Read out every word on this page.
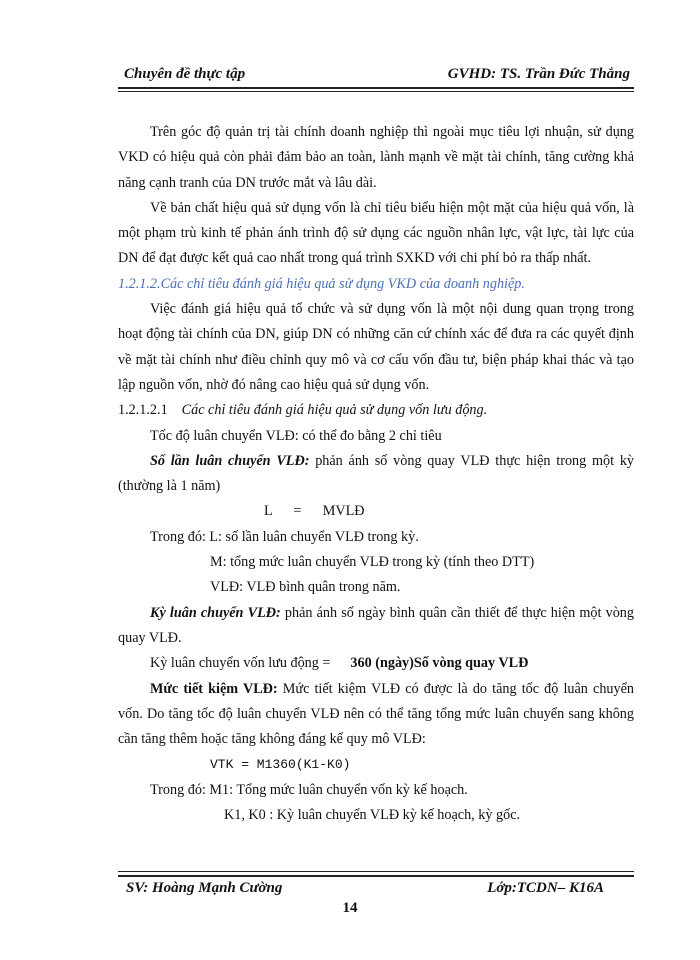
Chuyên đề thực tập	GVHD: TS. Trần Đức Thắng

Trên góc độ quản trị tài chính doanh nghiệp thì ngoài mục tiêu lợi nhuận, sử dụng VKD có hiệu quả còn phải đảm bảo an toàn, lành mạnh về mặt tài chính, tăng cường khả năng cạnh tranh của DN trước mắt và lâu dài.

Về bản chất hiệu quả sử dụng vốn là chỉ tiêu biểu hiện một mặt của hiệu quả vốn, là một phạm trù kinh tế phản ánh trình độ sử dụng các nguồn nhân lực, vật lực, tài lực của DN để đạt được kết quả cao nhất trong quá trình SXKD với chi phí bỏ ra thấp nhất.

1.2.1.2.Các chỉ tiêu đánh giá hiệu quả sử dụng VKD của doanh nghiệp.

Việc đánh giá hiệu quả tổ chức và sử dụng vốn là một nội dung quan trọng trong hoạt động tài chính của DN, giúp DN có những căn cứ chính xác để đưa ra các quyết định về mặt tài chính như điều chỉnh quy mô và cơ cấu vốn đầu tư, biện pháp khai thác và tạo lập nguồn vốn, nhờ đó nâng cao hiệu quả sử dụng vốn.

1.2.1.2.1 Các chỉ tiêu đánh giá hiệu quả sử dụng vốn lưu động.

Tốc độ luân chuyển VLĐ: có thể đo bằng 2 chỉ tiêu

Số lần luân chuyển VLĐ: phản ánh số vòng quay VLĐ thực hiện trong một kỳ (thường là 1 năm)

L      =      MVLĐ

Trong đó: L: số lần luân chuyển VLĐ trong kỳ.

M: tổng mức luân chuyển VLĐ trong kỳ (tính theo DTT)

VLĐ: VLĐ bình quân trong năm.

Kỳ luân chuyển VLĐ: phản ánh số ngày bình quân cần thiết để thực hiện một vòng quay VLĐ.

Kỳ luân chuyển vốn lưu động = 360 (ngày)Số vòng quay VLĐ

Mức tiết kiệm VLĐ: Mức tiết kiệm VLĐ có được là do tăng tốc độ luân chuyển vốn. Do tăng tốc độ luân chuyển VLĐ nên có thể tăng tổng mức luân chuyển sang không cần tăng thêm hoặc tăng không đáng kể quy mô VLĐ:

VTK = M1360(K1-K0)

Trong đó: M1: Tổng mức luân chuyển vốn kỳ kế hoạch.

K1, K0 : Kỳ luân chuyển VLĐ kỳ kế hoạch, kỳ gốc.

SV: Hoàng Mạnh Cường	Lớp:TCDN– K16A
14
